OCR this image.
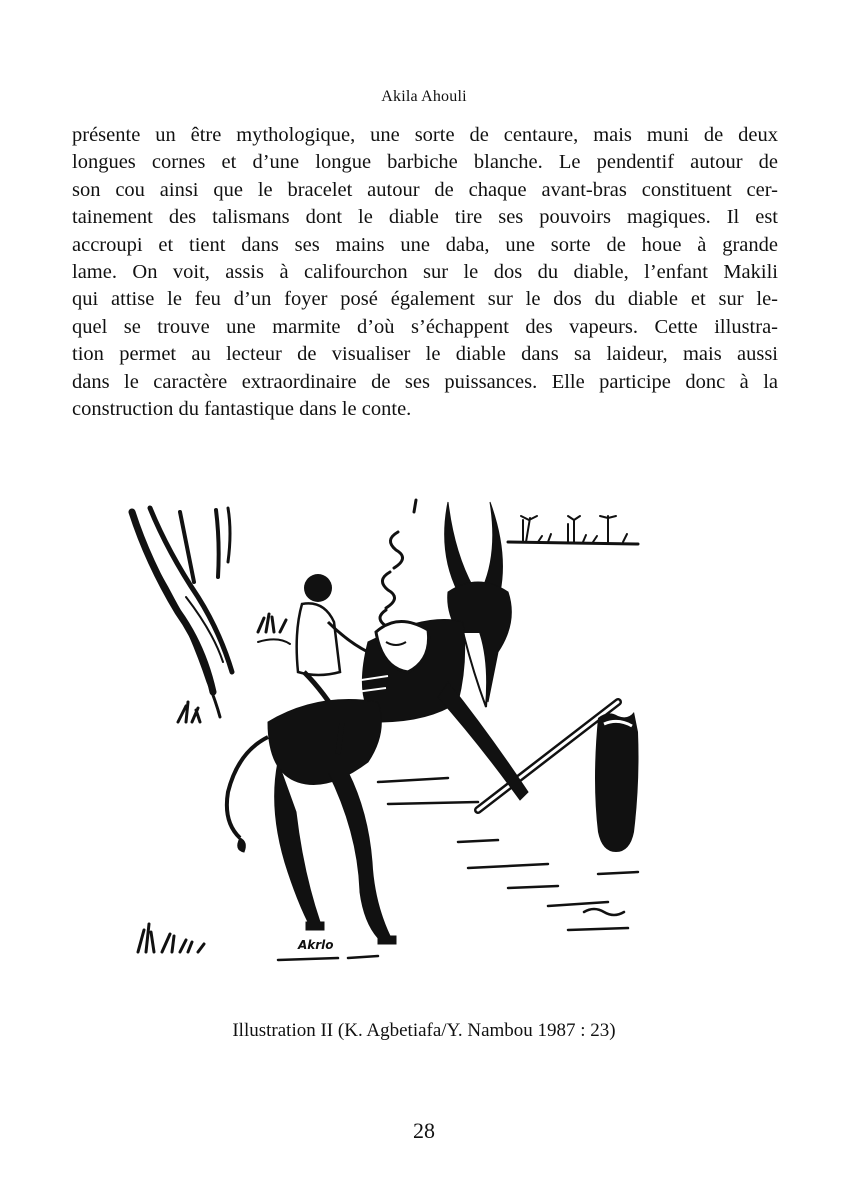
Akila Ahouli
présente un être mythologique, une sorte de centaure, mais muni de deux
longues cornes et d’une longue barbiche blanche. Le pendentif autour de
son cou ainsi que le bracelet autour de chaque avant-bras constituent cer-
tainement des talismans dont le diable tire ses pouvoirs magiques. Il est
accroupi et tient dans ses mains une daba, une sorte de houe à grande
lame. On voit, assis à califourchon sur le dos du diable, l’enfant Makili
qui attise le feu d’un foyer posé également sur le dos du diable et sur le-
quel se trouve une marmite d’où s’échappent des vapeurs. Cette illustra-
tion permet au lecteur de visualiser le diable dans sa laideur, mais aussi
dans le caractère extraordinaire de ses puissances. Elle participe donc à la
construction du fantastique dans le conte.
Akrlo
Illustration II (K. Agbetiafa/Y. Nambou 1987 : 23)
28
